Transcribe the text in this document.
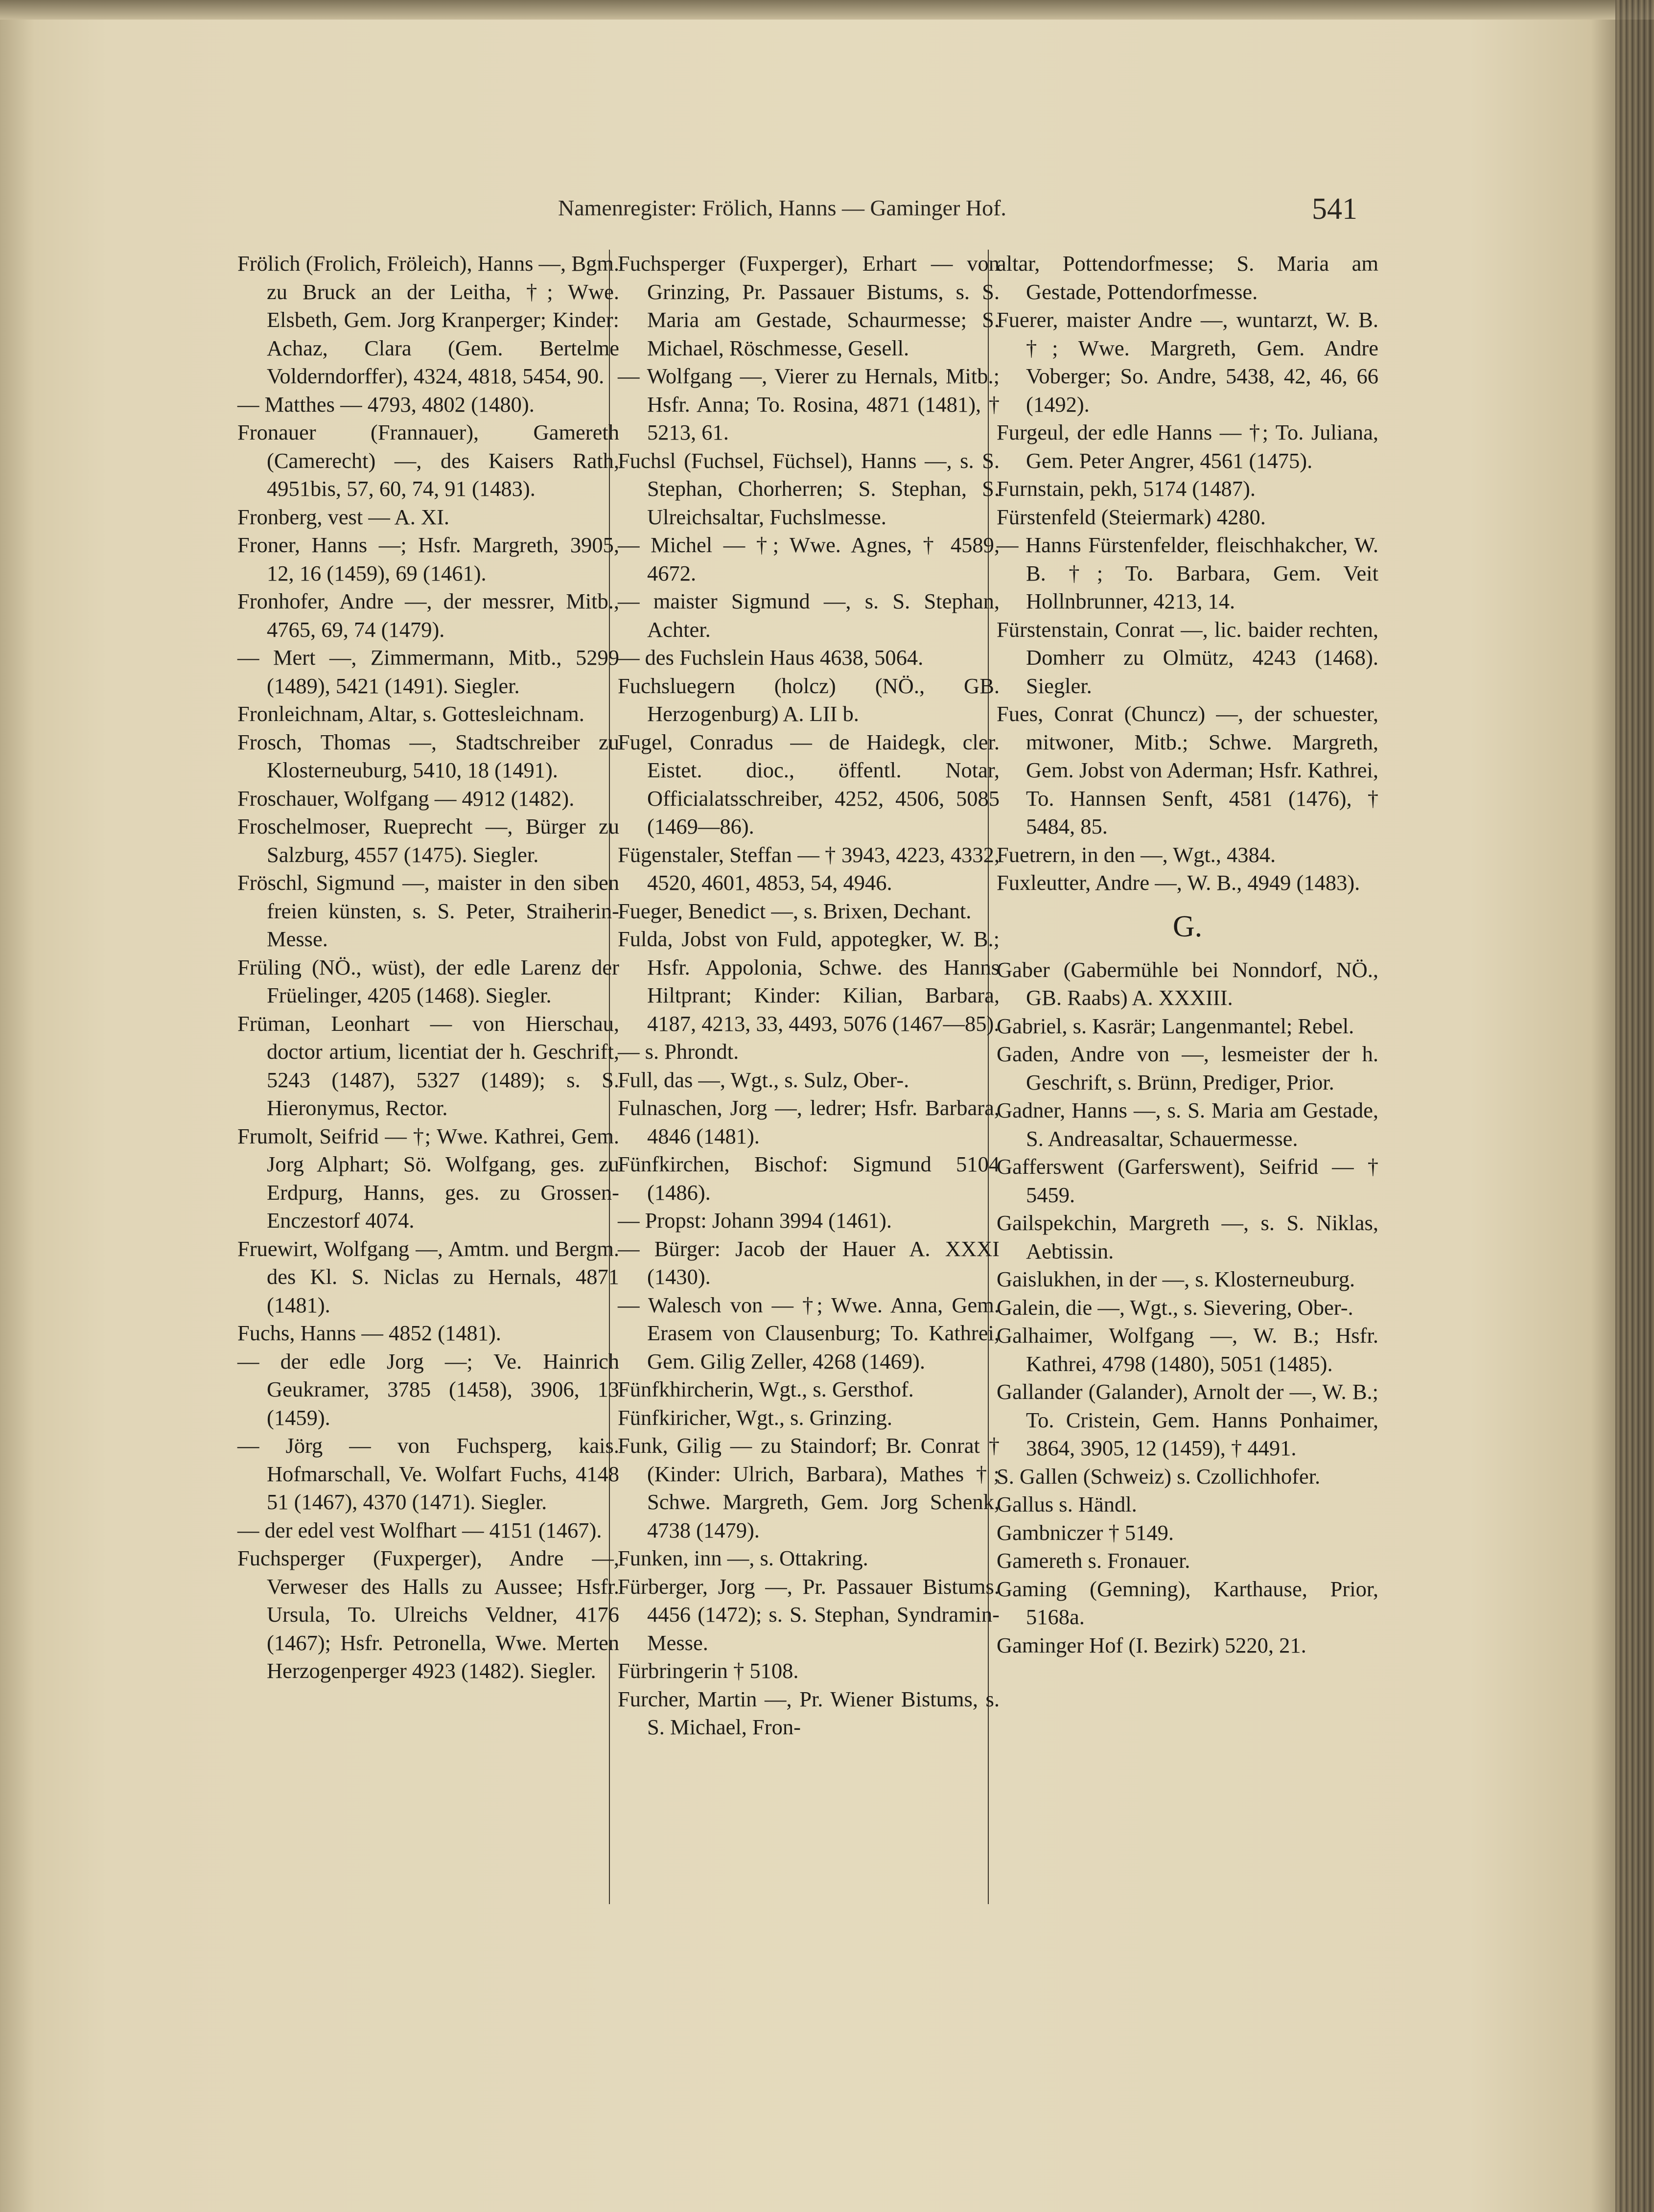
Namenregister: Frölich, Hanns — Gaminger Hof.	541
Frölich (Frolich, Fröleich), Hanns —, Bgm. zu Bruck an der Leitha, †; Wwe. Elsbeth, Gem. Jorg Kranperger; Kinder: Achaz, Clara (Gem. Bertelme Volderndorffer), 4324, 4818, 5454, 90.
— Matthes — 4793, 4802 (1480).
Fronauer (Frannauer), Gamereth (Camerecht) —, des Kaisers Rath, 4951bis, 57, 60, 74, 91 (1483).
Fronberg, vest — A. XI.
Froner, Hanns —; Hsfr. Margreth, 3905, 12, 16 (1459), 69 (1461).
Fronhofer, Andre —, der messrer, Mitb., 4765, 69, 74 (1479).
— Mert —, Zimmermann, Mitb., 5299 (1489), 5421 (1491). Siegler.
Fronleichnam, Altar, s. Gottesleichnam.
Frosch, Thomas —, Stadtschreiber zu Klosterneuburg, 5410, 18 (1491).
Froschauer, Wolfgang — 4912 (1482).
Froschelmoser, Rueprecht —, Bürger zu Salzburg, 4557 (1475). Siegler.
Fröschl, Sigmund —, maister in den siben freien künsten, s. S. Peter, Straiherin-Messe.
Früling (NÖ., wüst), der edle Larenz der Früelinger, 4205 (1468). Siegler.
Früman, Leonhart — von Hierschau, doctor artium, licentiat der h. Geschrift, 5243 (1487), 5327 (1489); s. S. Hieronymus, Rector.
Frumolt, Seifrid — †; Wwe. Kathrei, Gem. Jorg Alphart; Sö. Wolfgang, ges. zu Erdpurg, Hanns, ges. zu Grossen-Enczestorf 4074.
Fruewirt, Wolfgang —, Amtm. und Bergm. des Kl. S. Niclas zu Hernals, 4871 (1481).
Fuchs, Hanns — 4852 (1481).
— der edle Jorg —; Ve. Hainrich Geukramer, 3785 (1458), 3906, 13 (1459).
— Jörg — von Fuchsperg, kais. Hofmarschall, Ve. Wolfart Fuchs, 4148 51 (1467), 4370 (1471). Siegler.
— der edel vest Wolfhart — 4151 (1467).
Fuchsperger (Fuxperger), Andre —, Verweser des Halls zu Aussee; Hsfr. Ursula, To. Ulreichs Veldner, 4176 (1467); Hsfr. Petronella, Wwe. Merten Herzogenperger 4923 (1482). Siegler.
Fuchsperger (Fuxperger), Erhart — von Grinzing, Pr. Passauer Bistums, s. S. Maria am Gestade, Schaurmesse; S. Michael, Röschmesse, Gesell.
— Wolfgang —, Vierer zu Hernals, Mitb.; Hsfr. Anna; To. Rosina, 4871 (1481), † 5213, 61.
Fuchsl (Fuchsel, Füchsel), Hanns —, s. S. Stephan, Chorherren; S. Stephan, S. Ulreichsaltar, Fuchslmesse.
— Michel — †; Wwe. Agnes, † 4589, 4672.
— maister Sigmund —, s. S. Stephan, Achter.
— des Fuchslein Haus 4638, 5064.
Fuchsluegern (holcz) (NÖ., GB. Herzogenburg) A. LII b.
Fugel, Conradus — de Haidegk, cler. Eistet. dioc., öffentl. Notar, Officialatsschreiber, 4252, 4506, 5085 (1469—86).
Fügenstaler, Steffan — † 3943, 4223, 4332, 4520, 4601, 4853, 54, 4946.
Fueger, Benedict —, s. Brixen, Dechant.
Fulda, Jobst von Fuld, appotegker, W. B.; Hsfr. Appolonia, Schwe. des Hanns Hiltprant; Kinder: Kilian, Barbara, 4187, 4213, 33, 4493, 5076 (1467—85).
— s. Phrondt.
Full, das —, Wgt., s. Sulz, Ober-.
Fulnaschen, Jorg —, ledrer; Hsfr. Barbara, 4846 (1481).
Fünfkirchen, Bischof: Sigmund 5104 (1486).
— Propst: Johann 3994 (1461).
— Bürger: Jacob der Hauer A. XXXI (1430).
— Walesch von — †; Wwe. Anna, Gem. Erasem von Clausenburg; To. Kathrei, Gem. Gilig Zeller, 4268 (1469).
Fünfkhircherin, Wgt., s. Gersthof.
Fünfkiricher, Wgt., s. Grinzing.
Funk, Gilig — zu Staindorf; Br. Conrat † (Kinder: Ulrich, Barbara), Mathes †; Schwe. Margreth, Gem. Jorg Schenk, 4738 (1479).
Funken, inn —, s. Ottakring.
Fürberger, Jorg —, Pr. Passauer Bistums. 4456 (1472); s. S. Stephan, Syndramin-Messe.
Fürbringerin † 5108.
Furcher, Martin —, Pr. Wiener Bistums, s. S. Michael, Fron-
altar, Pottendorfmesse; S. Maria am Gestade, Pottendorfmesse.
Fuerer, maister Andre —, wuntarzt, W. B. †; Wwe. Margreth, Gem. Andre Voberger; So. Andre, 5438, 42, 46, 66 (1492).
Furgeul, der edle Hanns — †; To. Juliana, Gem. Peter Angrer, 4561 (1475).
Furnstain, pekh, 5174 (1487).
Fürstenfeld (Steiermark) 4280.
— Hanns Fürstenfelder, fleischhakcher, W. B. †; To. Barbara, Gem. Veit Hollnbrunner, 4213, 14.
Fürstenstain, Conrat —, lic. baider rechten, Domherr zu Olmütz, 4243 (1468). Siegler.
Fues, Conrat (Chuncz) —, der schuester, mitwoner, Mitb.; Schwe. Margreth, Gem. Jobst von Aderman; Hsfr. Kathrei, To. Hannsen Senft, 4581 (1476), † 5484, 85.
Fuetrern, in den —, Wgt., 4384.
Fuxleutter, Andre —, W. B., 4949 (1483).
G.
Gaber (Gabermühle bei Nonndorf, NÖ., GB. Raabs) A. XXXIII.
Gabriel, s. Kasrär; Langenmantel; Rebel.
Gaden, Andre von —, lesmeister der h. Geschrift, s. Brünn, Prediger, Prior.
Gadner, Hanns —, s. S. Maria am Gestade, S. Andreasaltar, Schauermesse.
Gafferswent (Garferswent), Seifrid — † 5459.
Gailspekchin, Margreth —, s. S. Niklas, Aebtissin.
Gaislukhen, in der —, s. Klosterneuburg.
Galein, die —, Wgt., s. Sievering, Ober-.
Galhaimer, Wolfgang —, W. B.; Hsfr. Kathrei, 4798 (1480), 5051 (1485).
Gallander (Galander), Arnolt der —, W. B.; To. Cristein, Gem. Hanns Ponhaimer, 3864, 3905, 12 (1459), † 4491.
S. Gallen (Schweiz) s. Czollichhofer.
Gallus s. Händl.
Gambniczer † 5149.
Gamereth s. Fronauer.
Gaming (Gemning), Karthause, Prior, 5168a.
Gaminger Hof (I. Bezirk) 5220, 21.
